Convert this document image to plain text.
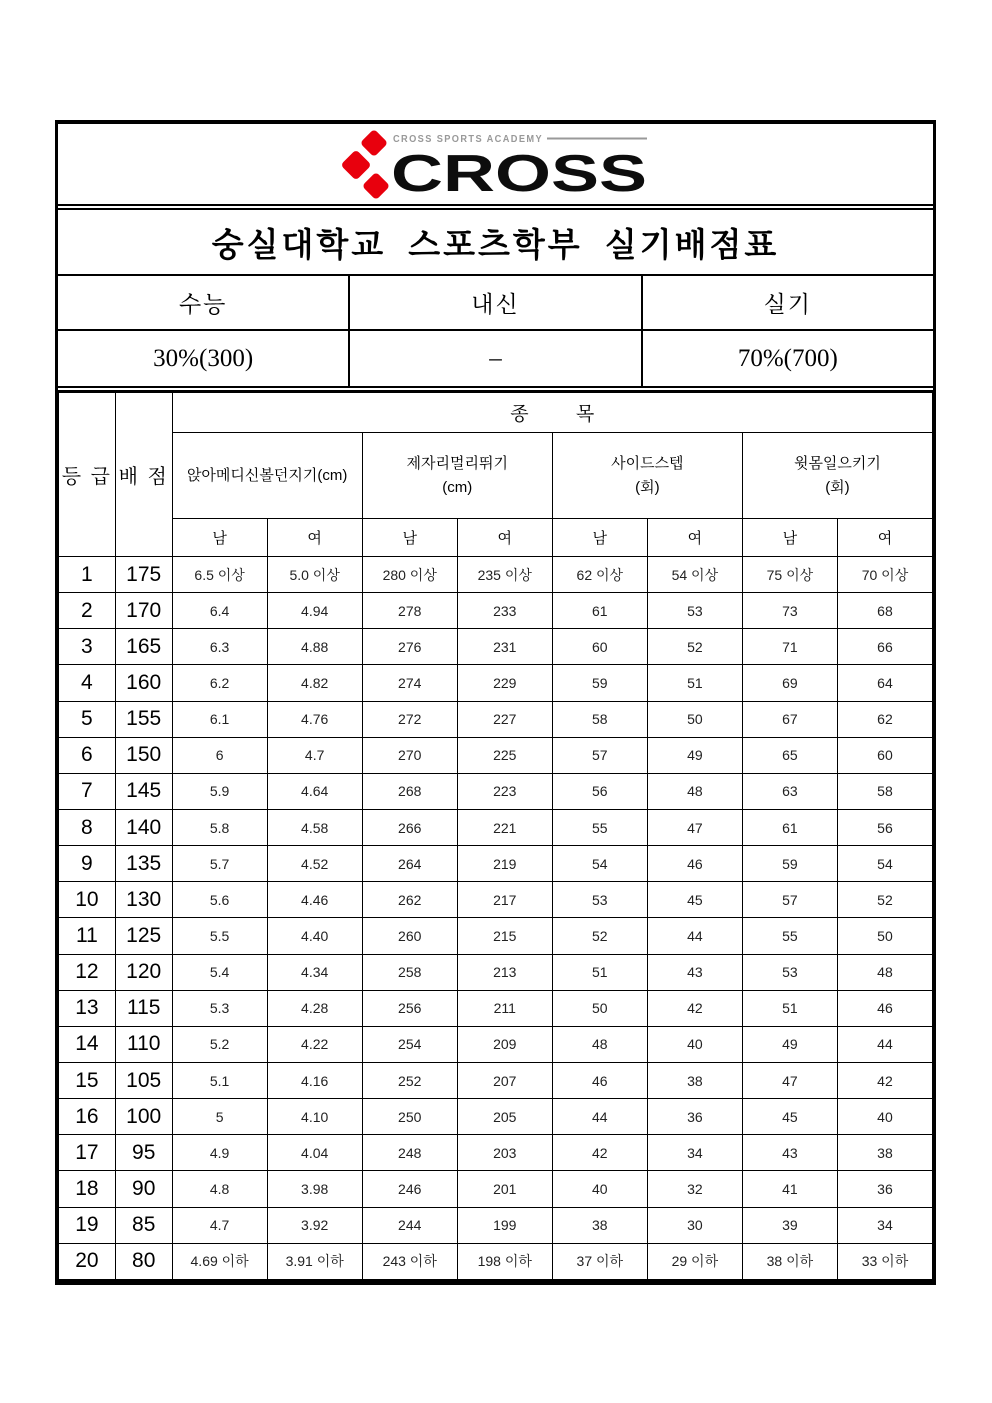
CROSS SPORTS ACADEMY
CROSS
숭실대학교 스포츠학부 실기배점표
수능	내신	실기
30%(300)	–	70%(700)
등 급	배 점	종 목							

앉아메디신볼던지기(cm)

제자리멀리뛰기
(cm)

사이드스텝
(회)

윗몸일으키기
(회)

		남	여	남	여	남	여	남	여
1	175	6.5 이상	5.0 이상	280 이상	235 이상	62 이상	54 이상	75 이상	70 이상
2	170	6.4	4.94	278	233	61	53	73	68
3	165	6.3	4.88	276	231	60	52	71	66
4	160	6.2	4.82	274	229	59	51	69	64
5	155	6.1	4.76	272	227	58	50	67	62
6	150	6	4.7	270	225	57	49	65	60
7	145	5.9	4.64	268	223	56	48	63	58
8	140	5.8	4.58	266	221	55	47	61	56
9	135	5.7	4.52	264	219	54	46	59	54
10	130	5.6	4.46	262	217	53	45	57	52
11	125	5.5	4.40	260	215	52	44	55	50
12	120	5.4	4.34	258	213	51	43	53	48
13	115	5.3	4.28	256	211	50	42	51	46
14	110	5.2	4.22	254	209	48	40	49	44
15	105	5.1	4.16	252	207	46	38	47	42
16	100	5	4.10	250	205	44	36	45	40
17	95	4.9	4.04	248	203	42	34	43	38
18	90	4.8	3.98	246	201	40	32	41	36
19	85	4.7	3.92	244	199	38	30	39	34
20	80	4.69 이하	3.91 이하	243 이하	198 이하	37 이하	29 이하	38 이하	33 이하
